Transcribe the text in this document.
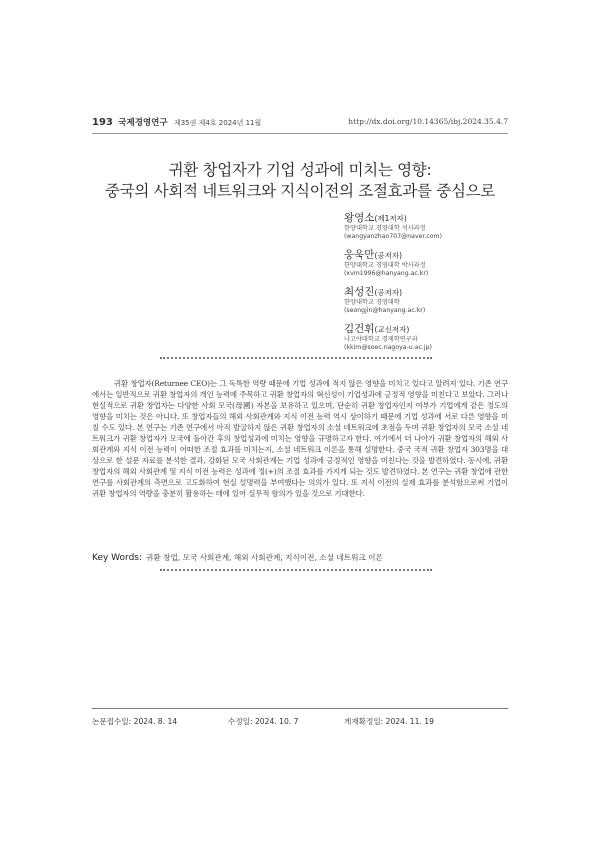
193 국제경영연구 제35권 제4호 2024년 11월	http://dx.doi.org/10.14365/ibj.2024.35.4.7
귀환 창업자가 기업 성과에 미치는 영향:
중국의 사회적 네트워크와 지식이전의 조절효과를 중심으로
왕영소(제1저자)
한양대학교 경영대학 석사과정
(wangyanzhao707@naver.com)
웅욱만(공저자)
한양대학교 경영대학 박사과정
(xvm1996@hanyang.ac.kr)
최성진(공저자)
한양대학교 경영대학
(seongjin@hanyang.ac.kr)
김건휘(교신저자)
나고야대학교 경제학연구과
(kkim@soec.nagoya-u.ac.jp)

귀환 창업자(Returnee CEO)는 그 독특한 역량 때문에 기업 성과에 적지 않은 영향을 미치고 있다고 알려져 있다. 기존 연구에서는 일반적으로 귀환 창업자의 개인 능력에 주목하고 귀환 창업자의 혁신성이 기업성과에 긍정적 영향을 미친다고 보았다. 그러나 현실적으로 귀환 창업자는 다양한 사회 모국(母國) 자본을 보유하고 있으며, 단순히 귀환 창업자인지 여부가 기업에게 같은 정도의 영향을 미치는 것은 아니다. 또 창업자들의 해외 사회관계와 지식 이전 능력 역시 상이하기 때문에 기업 성과에 서로 다른 영향을 미칠 수도 있다. 본 연구는 기존 연구에서 아직 발굴하지 않은 귀환 창업자의 소셜 네트워크에 초점을 두며 귀환 창업자의 모국 소셜 네트워크가 귀환 창업자가 모국에 돌아간 후의 창업성과에 미치는 영향을 규명하고자 한다. 여기에서 더 나아가 귀환 창업자의 해외 사회관계와 지식 이전 능력이 어떠한 조절 효과를 미치는지, 소셜 네트워크 이론을 통해 설명한다. 중국 국적 귀환 창업자 303명을 대상으로 한 설문 자료를 분석한 결과, 강화된 모국 사회관계는 기업 성과에 긍정적인 영향을 미친다는 것을 발견하였다. 동시에, 귀환 창업자의 해외 사회관계 및 지식 이전 능력은 성과에 정(+)의 조절 효과를 가지게 되는 것도 발견하였다. 본 연구는 귀환 창업에 관한 연구를 사회관계의 측면으로 고도화하여 현실 설명력을 부여했다는 의의가 있다. 또 지식 이전의 실제 효과를 분석함으로써 기업이 귀환 창업자의 역량을 충분히 활용하는 데에 있어 실무적 함의가 있을 것으로 기대한다.

Key Words: 귀환 창업, 모국 사회관계, 해외 사회관계, 지식이전, 소셜 네트워크 이론
논문접수일: 2024. 8. 14	수정일: 2024. 10. 7	게재확정일: 2024. 11. 19
